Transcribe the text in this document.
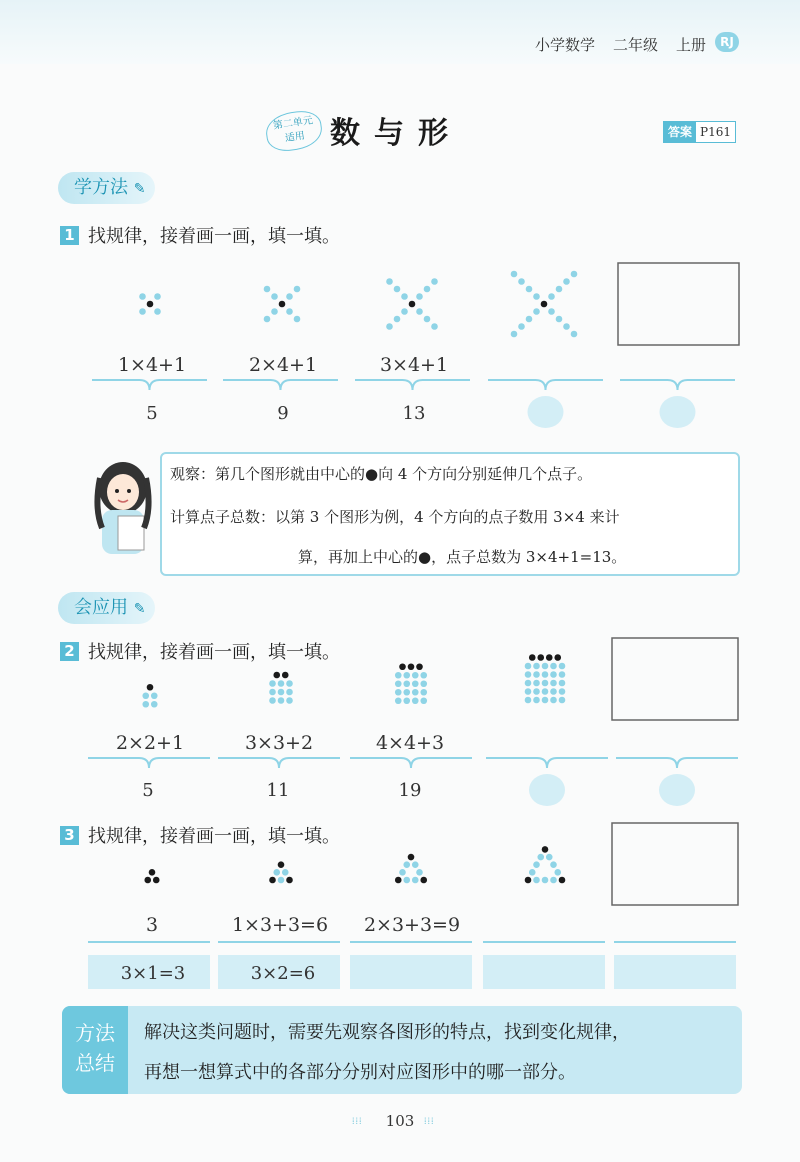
小学数学 二年级 上册	RJ
第二单元
适用 数与形	答案 P161
学方法 ✎
1 找规律，接着画一画，填一填。
1×4+1	2×4+1	3×4+1
5	9	13
观察：第几个图形就由中心的●向 4 个方向分别延伸几个点子。
计算点子总数：以第 3 个图形为例，4 个方向的点子数用 3×4 来计
算，再加上中心的●，点子总数为 3×4+1=13。
会应用 ✎
2 找规律，接着画一画，填一填。
2×2+1	3×3+2	4×4+3
5	11	19
3 找规律，接着画一画，填一填。
3	1×3+3=6	2×3+3=9
3×1=3	3×2=6
方法
总结
解决这类问题时，需要先观察各图形的特点，找到变化规律，
再想一想算式中的各部分分别对应图形中的哪一部分。
⁞⁞⁞	103	⁞⁞⁞
